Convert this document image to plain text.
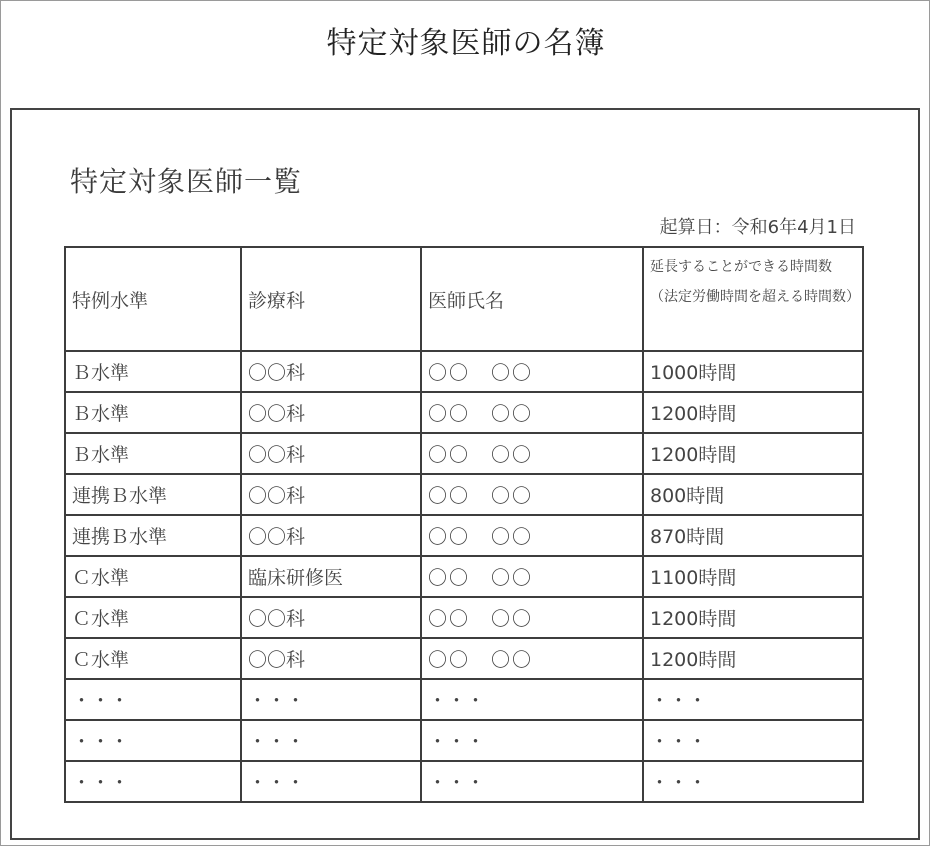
特定対象医師の名簿
特定対象医師一覧
起算日：令和6年4月1日
特例水準	診療科	医師氏名	延長することができる時間数（法定労働時間を超える時間数）
Ｂ水準	〇〇科	〇〇　〇〇	1000時間
Ｂ水準	〇〇科	〇〇　〇〇	1200時間
Ｂ水準	〇〇科	〇〇　〇〇	1200時間
連携Ｂ水準	〇〇科	〇〇　〇〇	800時間
連携Ｂ水準	〇〇科	〇〇　〇〇	870時間
Ｃ水準	臨床研修医	〇〇　〇〇	1100時間
Ｃ水準	〇〇科	〇〇　〇〇	1200時間
Ｃ水準	〇〇科	〇〇　〇〇	1200時間
・・・	・・・	・・・	・・・
・・・	・・・	・・・	・・・
・・・	・・・	・・・	・・・
